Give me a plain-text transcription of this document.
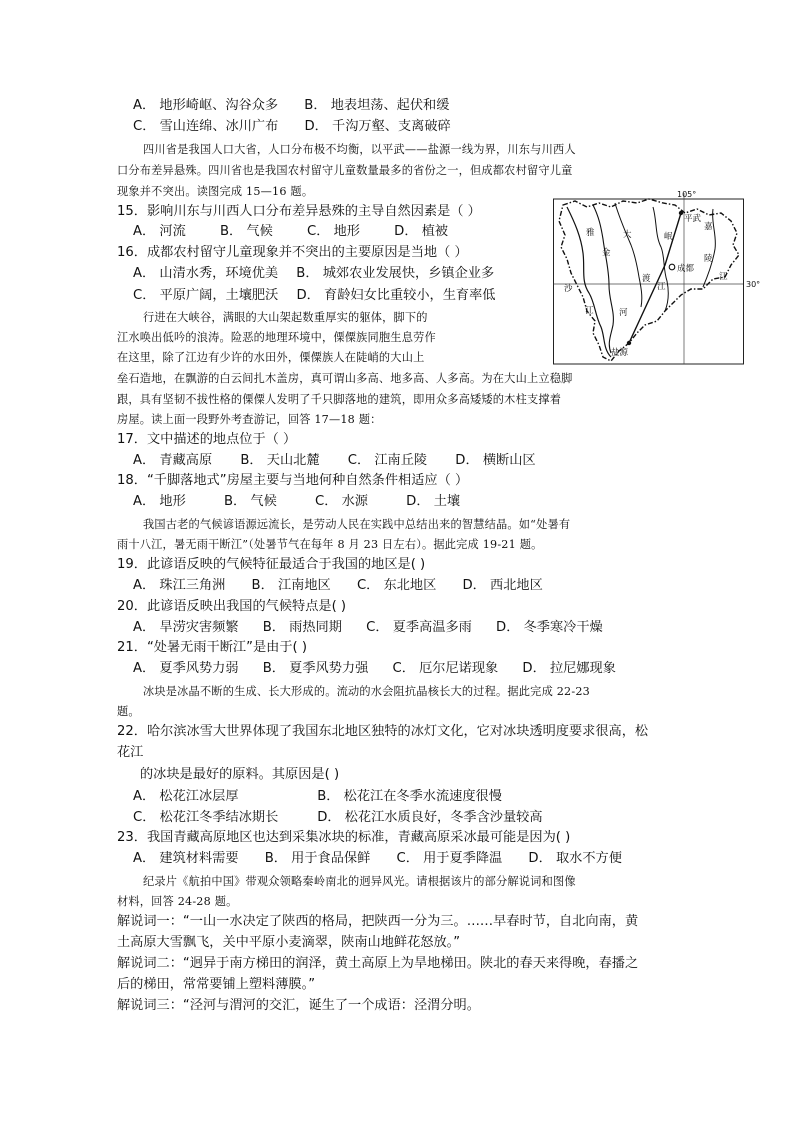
A． 地形崎岖、沟谷众多 B． 地表坦荡、起伏和缓
C． 雪山连绵、冰川广布 D． 千沟万壑、支离破碎
四川省是我国人口大省，人口分布极不均衡，以平武——盐源一线为界，川东与川西人
口分布差异悬殊。四川省也是我国农村留守儿童数量最多的省份之一，但成都农村留守儿童
现象并不突出。读图完成 15—16 题。
15．影响川东与川西人口分布差异悬殊的主导自然因素是（ ）
A． 河流	B． 气候	C． 地形	D． 植被
16．成都农村留守儿童现象并不突出的主要原因是当地（ ）
A． 山清水秀，环境优美 B． 城郊农业发展快，乡镇企业多
C． 平原广阔，土壤肥沃 D． 育龄妇女比重较小，生育率低
行进在大峡谷，满眼的大山架起数重厚实的躯体，脚下的
江水唤出低吟的浪涛。险恶的地理环境中，傈僳族同胞生息劳作
在这里，除了江边有少许的水田外，傈僳族人在陡峭的大山上
垒石造地，在飘游的白云间扎木盖房，真可谓山多高、地多高、人多高。为在大山上立稳脚
跟，具有坚韧不拔性格的傈僳人发明了千只脚落地的建筑，即用众多高矮矮的木柱支撑着
房屋。读上面一段野外考查游记，回答 17—18 题：
17．文中描述的地点位于（ ）
A． 青藏高原 B． 天山北麓 C． 江南丘陵 D． 横断山区
18．“千脚落地式”房屋主要与当地何种自然条件相适应（ ）
A． 地形	B． 气候	C． 水源	D． 土壤
我国古老的气候谚语源远流长，是劳动人民在实践中总结出来的智慧结晶。如“处暑有
雨十八江，暑无雨干断江”（处暑节气在每年 8 月 23 日左右）。据此完成 19-21 题。
19．此谚语反映的气候特征最适合于我国的地区是( )
A． 珠江三角洲 B． 江南地区 C． 东北地区 D． 西北地区
20．此谚语反映出我国的气候特点是( )
A． 旱涝灾害频繁 B． 雨热同期 C． 夏季高温多雨 D． 冬季寒冷干燥
21．“处暑无雨干断江”是由于( )
A． 夏季风势力弱 B． 夏季风势力强 C． 厄尔尼诺现象 D． 拉尼娜现象
冰块是冰晶不断的生成、长大形成的。流动的水会阻抗晶核长大的过程。据此完成 22-23
题。
22．哈尔滨冰雪大世界体现了我国东北地区独特的冰灯文化，它对冰块透明度要求很高，松
花江
的冰块是最好的原料。其原因是( )
A． 松花江冰层厚	B． 松花江在冬季水流速度很慢
C． 松花江冬季结冰期长	D． 松花江水质良好，冬季含沙量较高
23．我国青藏高原地区也达到采集冰块的标准，青藏高原采冰最可能是因为( )
A． 建筑材料需要 B． 用于食品保鲜 C． 用于夏季降温 D． 取水不方便
纪录片《航拍中国》带观众领略秦岭南北的迥异风光。请根据该片的部分解说词和图像
材料，回答 24-28 题。
解说词一：“一山一水决定了陕西的格局，把陕西一分为三。……早春时节，自北向南，黄
土高原大雪飘飞，关中平原小麦滴翠，陕南山地鲜花怒放。”
解说词二：“迥异于南方梯田的润泽，黄土高原上为旱地梯田。陕北的春天来得晚，春播之
后的梯田，常常要铺上塑料薄膜。”
解说词三：“泾河与渭河的交汇，诞生了一个成语：泾渭分明。
105°
30°
雅
金
沙
江
大
渡
河
岷
江
嘉
陵
江
平武
成都
盐源
